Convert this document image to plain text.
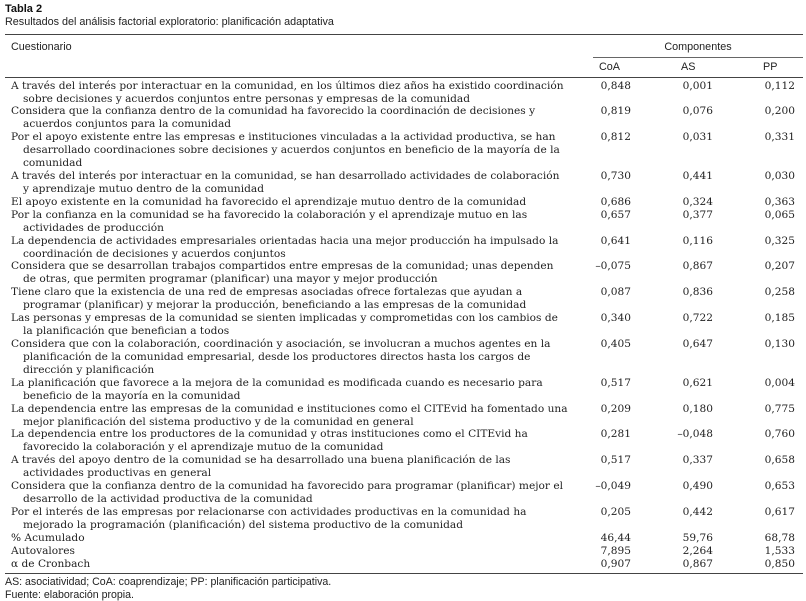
Tabla 2
Resultados del análisis factorial exploratorio: planificación adaptativa
Cuestionario	Componentes
CoA	AS	PP
A través del interés por interactuar en la comunidad, en los últimos diez años ha existido coordinación sobre decisiones y acuerdos conjuntos entre personas y empresas de la comunidad
0,848	0,001	0,112
Considera que la confianza dentro de la comunidad ha favorecido la coordinación de decisiones y acuerdos conjuntos para la comunidad
0,819	0,076	0,200
Por el apoyo existente entre las empresas e instituciones vinculadas a la actividad productiva, se han desarrollado coordinaciones sobre decisiones y acuerdos conjuntos en beneficio de la mayoría de la comunidad
0,812	0,031	0,331
A través del interés por interactuar en la comunidad, se han desarrollado actividades de colaboración y aprendizaje mutuo dentro de la comunidad
0,730	0,441	0,030
El apoyo existente en la comunidad ha favorecido el aprendizaje mutuo dentro de la comunidad	0,686	0,324	0,363
Por la confianza en la comunidad se ha favorecido la colaboración y el aprendizaje mutuo en las actividades de producción
0,657	0,377	0,065
La dependencia de actividades empresariales orientadas hacia una mejor producción ha impulsado la coordinación de decisiones y acuerdos conjuntos
0,641	0,116	0,325
Considera que se desarrollan trabajos compartidos entre empresas de la comunidad; unas dependen de otras, que permiten programar (planificar) una mayor y mejor producción
–0,075	0,867	0,207
Tiene claro que la existencia de una red de empresas asociadas ofrece fortalezas que ayudan a programar (planificar) y mejorar la producción, beneficiando a las empresas de la comunidad
0,087	0,836	0,258
Las personas y empresas de la comunidad se sienten implicadas y comprometidas con los cambios de la planificación que benefician a todos
0,340	0,722	0,185
Considera que con la colaboración, coordinación y asociación, se involucran a muchos agentes en la planificación de la comunidad empresarial, desde los productores directos hasta los cargos de dirección y planificación
0,405	0,647	0,130
La planificación que favorece a la mejora de la comunidad es modificada cuando es necesario para beneficio de la mayoría en la comunidad
0,517	0,621	0,004
La dependencia entre las empresas de la comunidad e instituciones como el CITEvid ha fomentado una mejor planificación del sistema productivo y de la comunidad en general
0,209	0,180	0,775
La dependencia entre los productores de la comunidad y otras instituciones como el CITEvid ha favorecido la colaboración y el aprendizaje mutuo de la comunidad
0,281	–0,048	0,760
A través del apoyo dentro de la comunidad se ha desarrollado una buena planificación de las actividades productivas en general
0,517	0,337	0,658
Considera que la confianza dentro de la comunidad ha favorecido para programar (planificar) mejor el desarrollo de la actividad productiva de la comunidad
–0,049	0,490	0,653
Por el interés de las empresas por relacionarse con actividades productivas en la comunidad ha mejorado la programación (planificación) del sistema productivo de la comunidad
0,205	0,442	0,617
% Acumulado	46,44	59,76	68,78
Autovalores	7,895	2,264	1,533
α de Cronbach	0,907	0,867	0,850
AS: asociatividad; CoA: coaprendizaje; PP: planificación participativa.
Fuente: elaboración propia.
